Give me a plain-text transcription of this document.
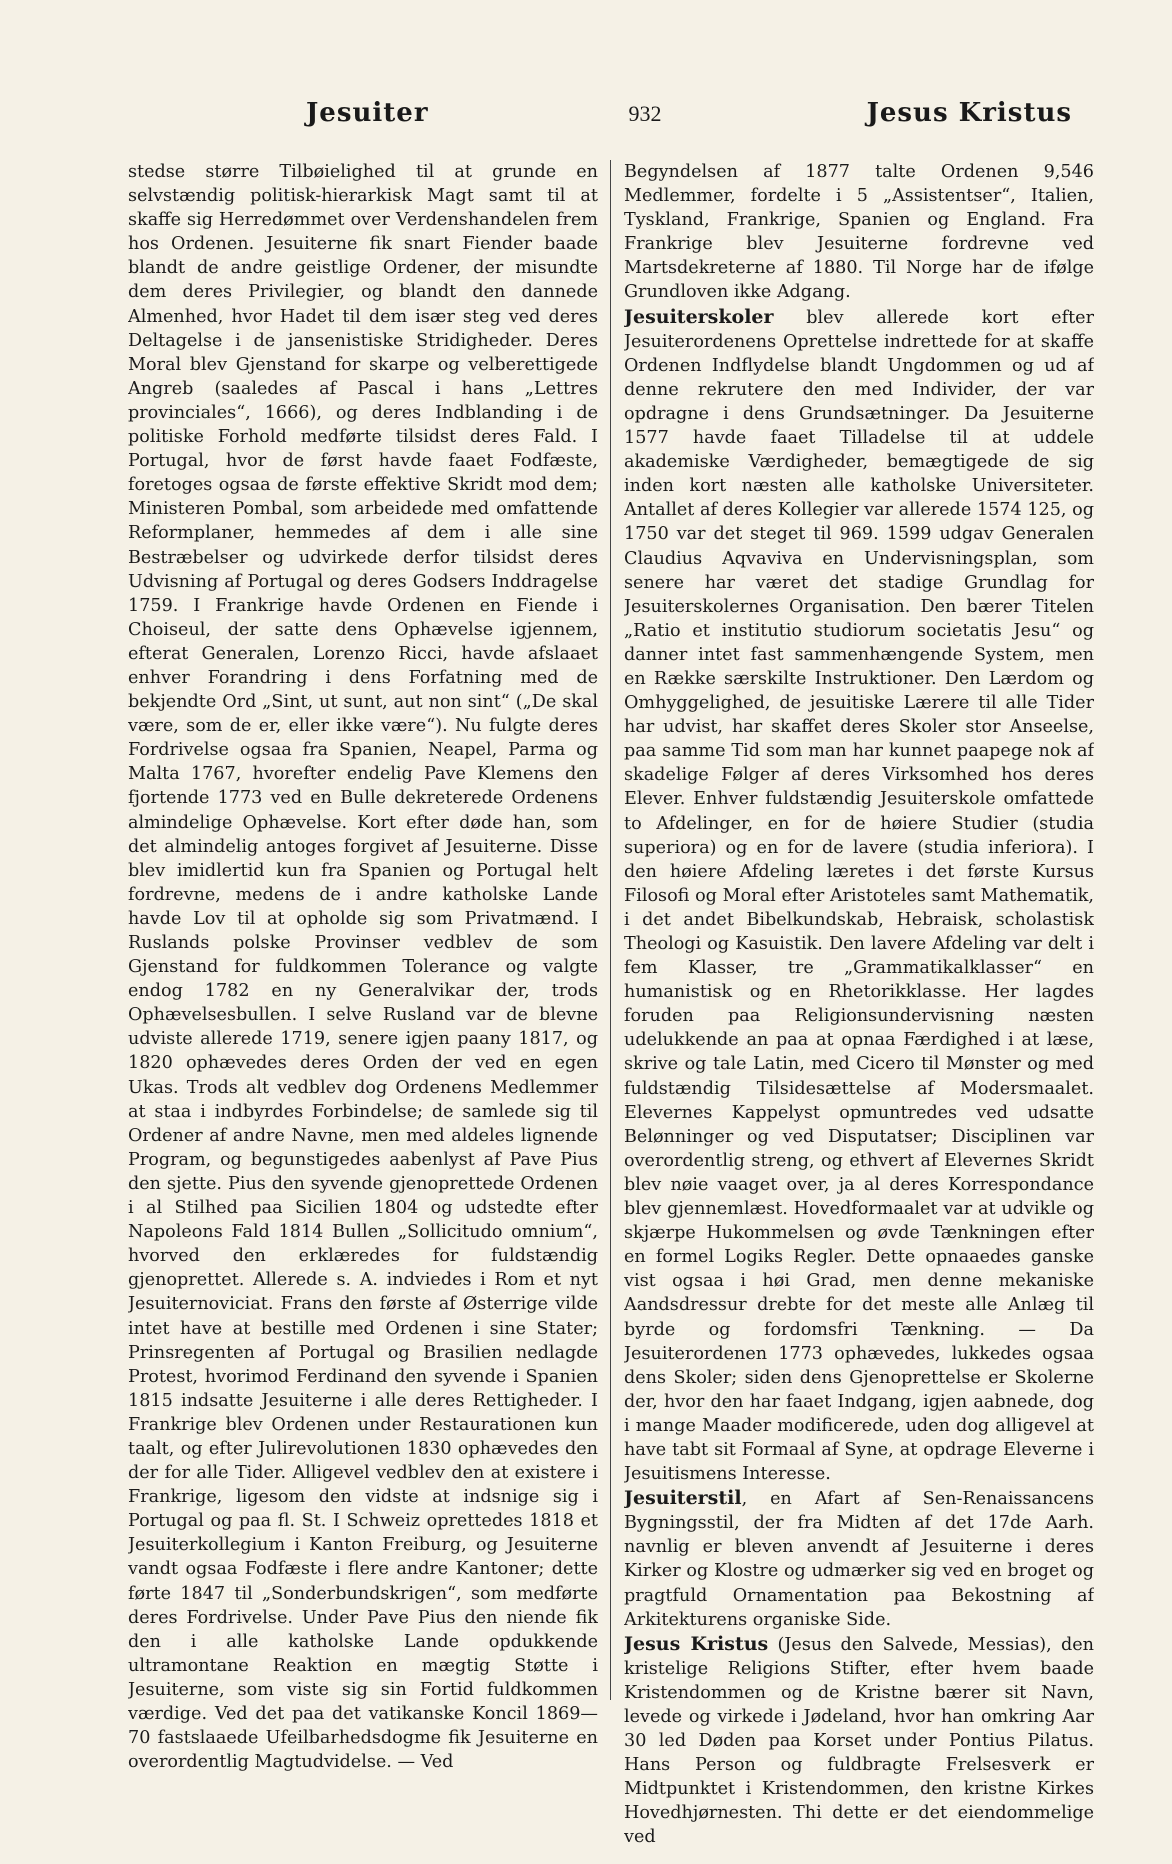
Jesuiter	932	Jesus Kristus

stedse større Tilbøielighed til at grunde en selvstændig politisk-hierarkisk Magt samt til at skaffe sig Herredømmet over Verdenshandelen frem hos Ordenen. Jesuiterne fik snart Fiender baade blandt de andre geistlige Ordener, der misundte dem deres Privilegier, og blandt den dannede Almenhed, hvor Hadet til dem især steg ved deres Deltagelse i de jansenistiske Stridigheder. Deres Moral blev Gjenstand for skarpe og velberettigede Angreb (saaledes af Pascal i hans „Lettres provinciales“, 1666), og deres Indblanding i de politiske Forhold medførte tilsidst deres Fald. I Portugal, hvor de først havde faaet Fodfæste, foretoges ogsaa de første effektive Skridt mod dem; Ministeren Pombal, som arbeidede med omfattende Reformplaner, hemmedes af dem i alle sine Bestræbelser og udvirkede derfor tilsidst deres Udvisning af Portugal og deres Godsers Inddragelse 1759. I Frankrige havde Ordenen en Fiende i Choiseul, der satte dens Ophævelse igjennem, efterat Generalen, Lorenzo Ricci, havde afslaaet enhver Forandring i dens Forfatning med de bekjendte Ord „Sint, ut sunt, aut non sint“ („De skal være, som de er, eller ikke være“). Nu fulgte deres Fordrivelse ogsaa fra Spanien, Neapel, Parma og Malta 1767, hvorefter endelig Pave Klemens den fjortende 1773 ved en Bulle dekreterede Ordenens almindelige Ophævelse. Kort efter døde han, som det almindelig antoges forgivet af Jesuiterne. Disse blev imidlertid kun fra Spanien og Portugal helt fordrevne, medens de i andre katholske Lande havde Lov til at opholde sig som Privatmænd. I Ruslands polske Provinser vedblev de som Gjenstand for fuldkommen Tolerance og valgte endog 1782 en ny Generalvikar der, trods Ophævelsesbullen. I selve Rusland var de blevne udviste allerede 1719, senere igjen paany 1817, og 1820 ophævedes deres Orden der ved en egen Ukas. Trods alt vedblev dog Ordenens Medlemmer at staa i indbyrdes Forbindelse; de samlede sig til Ordener af andre Navne, men med aldeles lignende Program, og begunstigedes aabenlyst af Pave Pius den sjette. Pius den syvende gjenoprettede Ordenen i al Stilhed paa Sicilien 1804 og udstedte efter Napoleons Fald 1814 Bullen „Sollicitudo omnium“, hvorved den erklæredes for fuldstændig gjenoprettet. Allerede s. A. indviedes i Rom et nyt Jesuiternoviciat. Frans den første af Østerrige vilde intet have at bestille med Ordenen i sine Stater; Prinsregenten af Portugal og Brasilien nedlagde Protest, hvorimod Ferdinand den syvende i Spanien 1815 indsatte Jesuiterne i alle deres Rettigheder. I Frankrige blev Ordenen under Restaurationen kun taalt, og efter Julirevolutionen 1830 ophævedes den der for alle Tider. Alligevel vedblev den at existere i Frankrige, ligesom den vidste at indsnige sig i Portugal og paa fl. St. I Schweiz oprettedes 1818 et Jesuiterkollegium i Kanton Freiburg, og Jesuiterne vandt ogsaa Fodfæste i flere andre Kantoner; dette førte 1847 til „Sonderbundskrigen“, som medførte deres Fordrivelse. Under Pave Pius den niende fik den i alle katholske Lande opdukkende ultramontane Reaktion en mægtig Støtte i Jesuiterne, som viste sig sin Fortid fuldkommen værdige. Ved det paa det vatikanske Koncil 1869—70 fastslaaede Ufeilbarhedsdogme fik Jesuiterne en overordentlig Magtudvidelse. — Ved

Begyndelsen af 1877 talte Ordenen 9,546 Medlemmer, fordelte i 5 „Assistentser“, Italien, Tyskland, Frankrige, Spanien og England. Fra Frankrige blev Jesuiterne fordrevne ved Martsdekreterne af 1880. Til Norge har de ifølge Grundloven ikke Adgang.

Jesuiterskoler blev allerede kort efter Jesuiterordenens Oprettelse indrettede for at skaffe Ordenen Indflydelse blandt Ungdommen og ud af denne rekrutere den med Individer, der var opdragne i dens Grundsætninger. Da Jesuiterne 1577 havde faaet Tilladelse til at uddele akademiske Værdigheder, bemægtigede de sig inden kort næsten alle katholske Universiteter. Antallet af deres Kollegier var allerede 1574 125, og 1750 var det steget til 969. 1599 udgav Generalen Claudius Aqvaviva en Undervisningsplan, som senere har været det stadige Grundlag for Jesuiterskolernes Organisation. Den bærer Titelen „Ratio et institutio studiorum societatis Jesu“ og danner intet fast sammenhængende System, men en Række særskilte Instruktioner. Den Lærdom og Omhyggelighed, de jesuitiske Lærere til alle Tider har udvist, har skaffet deres Skoler stor Anseelse, paa samme Tid som man har kunnet paapege nok af skadelige Følger af deres Virksomhed hos deres Elever. Enhver fuldstændig Jesuiterskole omfattede to Afdelinger, en for de høiere Studier (studia superiora) og en for de lavere (studia inferiora). I den høiere Afdeling læretes i det første Kursus Filosofi og Moral efter Aristoteles samt Mathematik, i det andet Bibelkundskab, Hebraisk, scholastisk Theologi og Kasuistik. Den lavere Afdeling var delt i fem Klasser, tre „Grammatikalklasser“ en humanistisk og en Rhetorikklasse. Her lagdes foruden paa Religionsundervisning næsten udelukkende an paa at opnaa Færdighed i at læse, skrive og tale Latin, med Cicero til Mønster og med fuldstændig Tilsidesættelse af Modersmaalet. Elevernes Kappelyst opmuntredes ved udsatte Belønninger og ved Disputatser; Disciplinen var overordentlig streng, og ethvert af Elevernes Skridt blev nøie vaaget over, ja al deres Korrespondance blev gjennemlæst. Hovedformaalet var at udvikle og skjærpe Hukommelsen og øvde Tænkningen efter en formel Logiks Regler. Dette opnaaedes ganske vist ogsaa i høi Grad, men denne mekaniske Aandsdressur drebte for det meste alle Anlæg til byrde og fordomsfri Tænkning. — Da Jesuiterordenen 1773 ophævedes, lukkedes ogsaa dens Skoler; siden dens Gjenoprettelse er Skolerne der, hvor den har faaet Indgang, igjen aabnede, dog i mange Maader modificerede, uden dog alligevel at have tabt sit Formaal af Syne, at opdrage Eleverne i Jesuitismens Interesse.

Jesuiterstil, en Afart af Sen-Renaissancens Bygningsstil, der fra Midten af det 17de Aarh. navnlig er bleven anvendt af Jesuiterne i deres Kirker og Klostre og udmærker sig ved en broget og pragtfuld Ornamentation paa Bekostning af Arkitekturens organiske Side.

Jesus Kristus (Jesus den Salvede, Messias), den kristelige Religions Stifter, efter hvem baade Kristendommen og de Kristne bærer sit Navn, levede og virkede i Jødeland, hvor han omkring Aar 30 led Døden paa Korset under Pontius Pilatus. Hans Person og fuldbragte Frelsesverk er Midtpunktet i Kristendommen, den kristne Kirkes Hovedhjørnesten. Thi dette er det eiendommelige ved
